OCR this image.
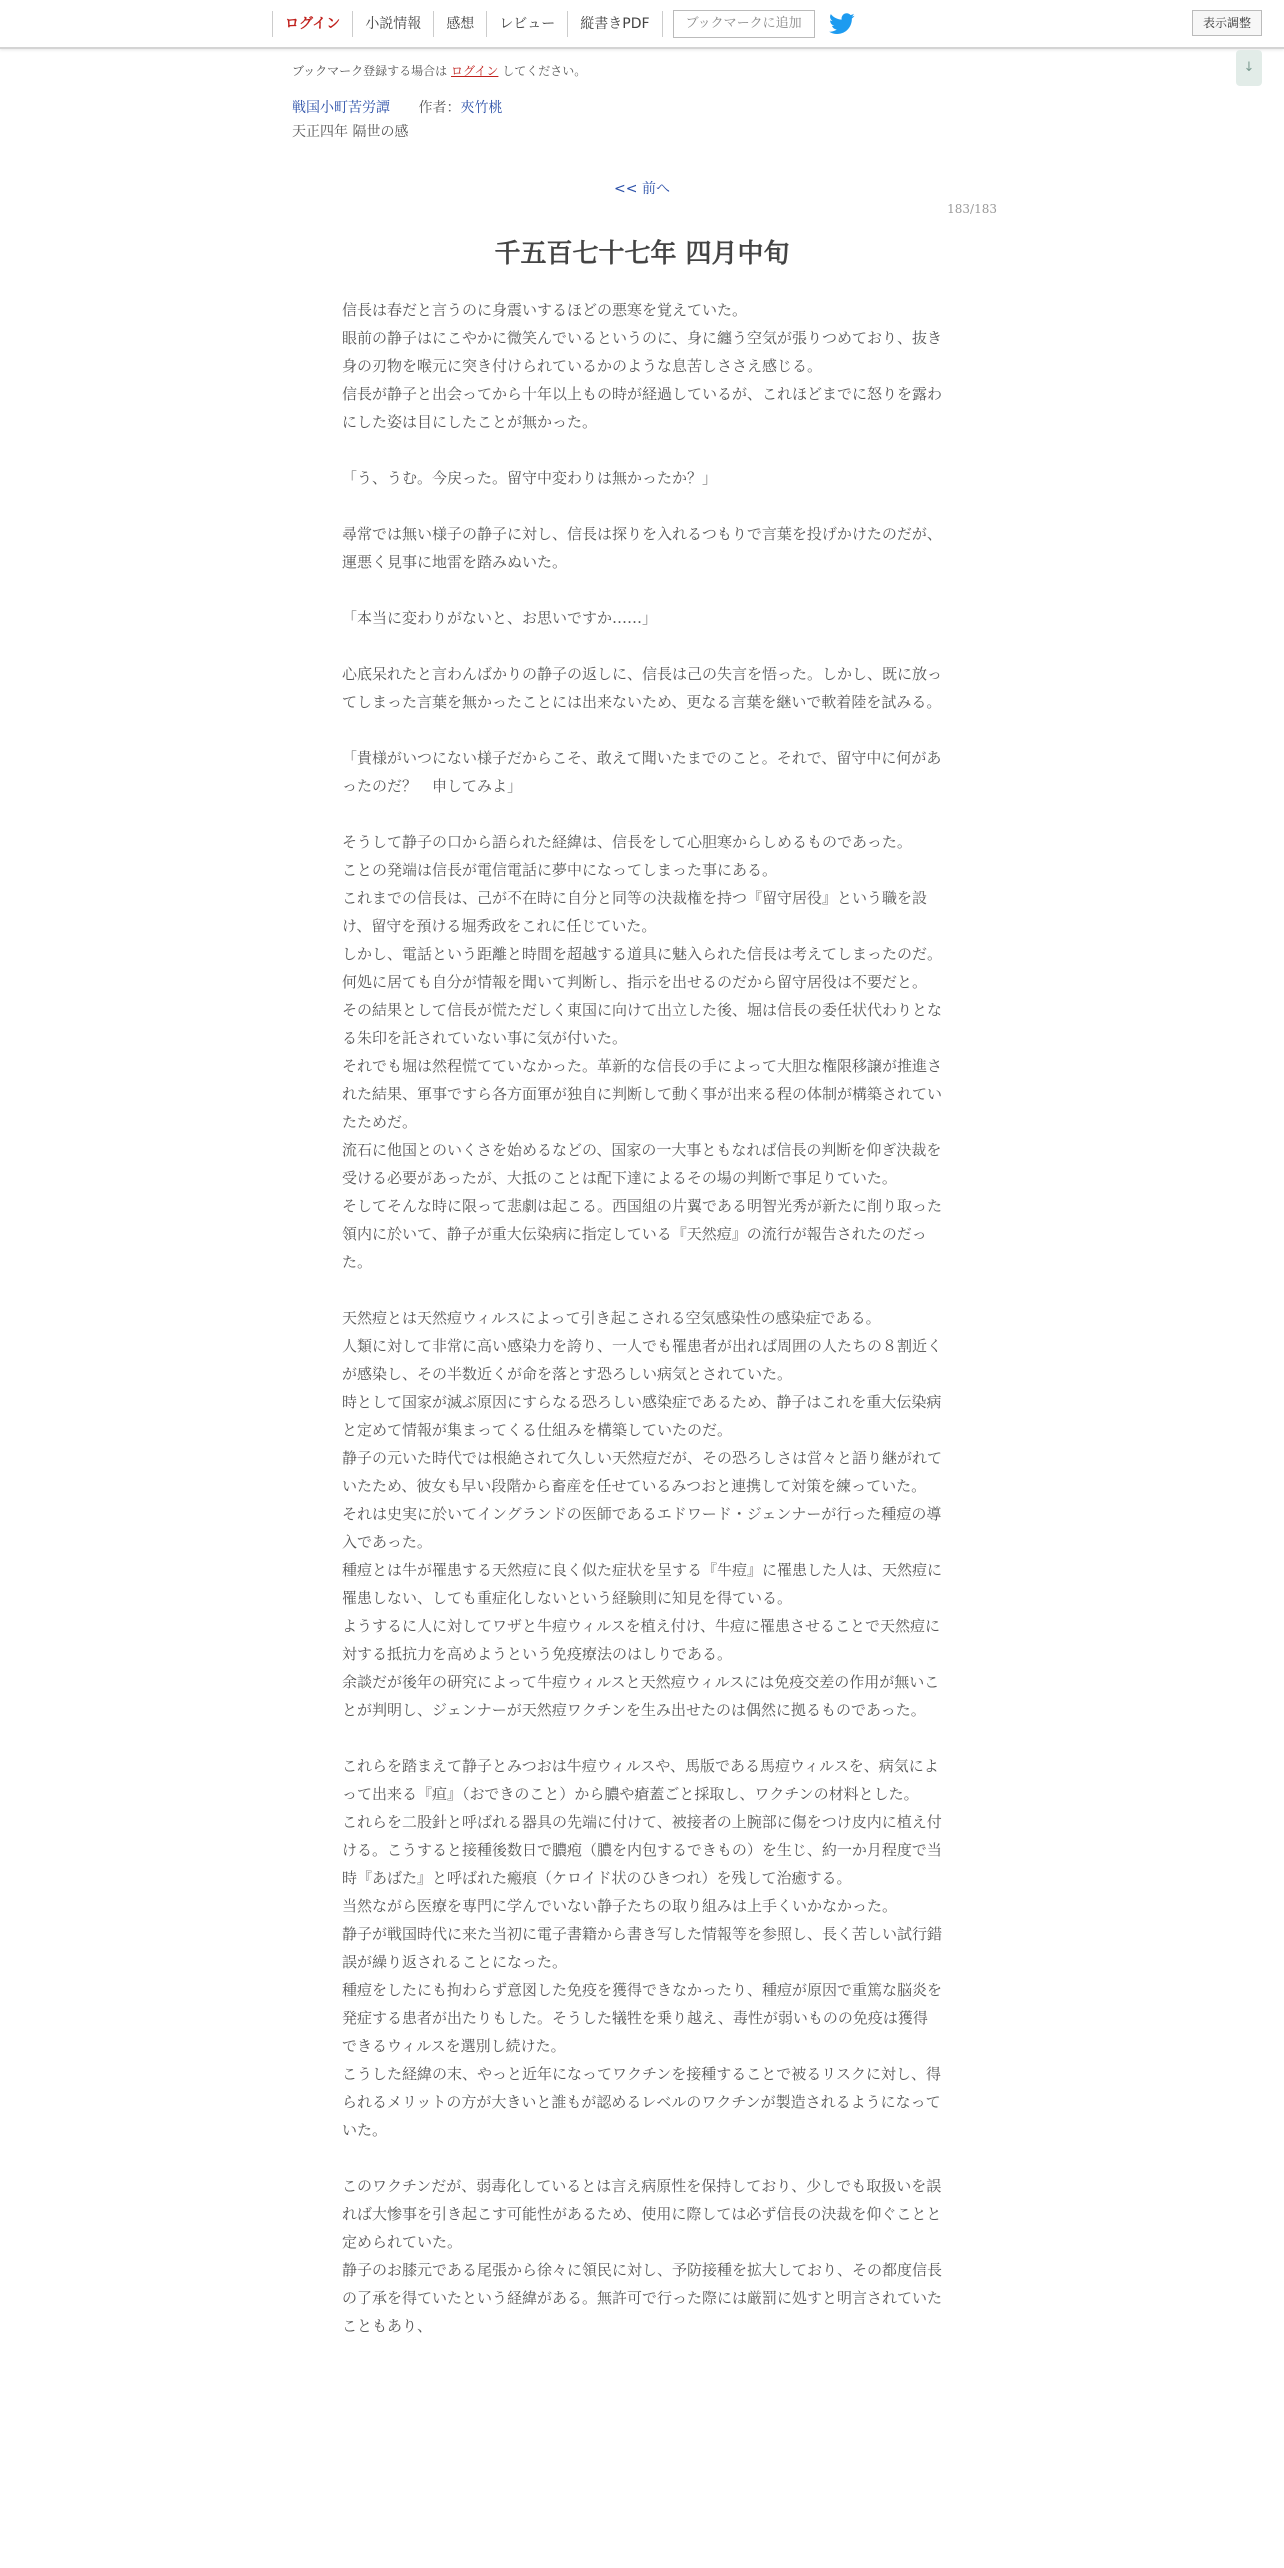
ログイン	小説情報	感想	レビュー	縦書きPDF	ブックマークに追加	表示調整
ブックマーク登録する場合は ログイン してください。	↓
戦国小町苦労譚 作者：夾竹桃
天正四年 隔世の感
<< 前へ
183/183
千五百七十七年 四月中旬

信長は春だと言うのに身震いするほどの悪寒を覚えていた。

眼前の静子はにこやかに微笑んでいるというのに、身に纏う空気が張りつめており、抜き身の刃物を喉元に突き付けられているかのような息苦しささえ感じる。

信長が静子と出会ってから十年以上もの時が経過しているが、これほどまでに怒りを露わにした姿は目にしたことが無かった。

「う、うむ。今戻った。留守中変わりは無かったか？」

尋常では無い様子の静子に対し、信長は探りを入れるつもりで言葉を投げかけたのだが、運悪く見事に地雷を踏みぬいた。

「本当に変わりがないと、お思いですか……」

心底呆れたと言わんばかりの静子の返しに、信長は己の失言を悟った。しかし、既に放ってしまった言葉を無かったことには出来ないため、更なる言葉を継いで軟着陸を試みる。

「貴様がいつにない様子だからこそ、敢えて聞いたまでのこと。それで、留守中に何があったのだ？　申してみよ」

そうして静子の口から語られた経緯は、信長をして心胆寒からしめるものであった。

ことの発端は信長が電信電話に夢中になってしまった事にある。

これまでの信長は、己が不在時に自分と同等の決裁権を持つ『留守居役』という職を設け、留守を預ける堀秀政をこれに任じていた。

しかし、電話という距離と時間を超越する道具に魅入られた信長は考えてしまったのだ。何処に居ても自分が情報を聞いて判断し、指示を出せるのだから留守居役は不要だと。

その結果として信長が慌ただしく東国に向けて出立した後、堀は信長の委任状代わりとなる朱印を託されていない事に気が付いた。

それでも堀は然程慌てていなかった。革新的な信長の手によって大胆な権限移譲が推進された結果、軍事ですら各方面軍が独自に判断して動く事が出来る程の体制が構築されていたためだ。

流石に他国とのいくさを始めるなどの、国家の一大事ともなれば信長の判断を仰ぎ決裁を受ける必要があったが、大抵のことは配下達によるその場の判断で事足りていた。

そしてそんな時に限って悲劇は起こる。西国組の片翼である明智光秀が新たに削り取った領内に於いて、静子が重大伝染病に指定している『天然痘』の流行が報告されたのだった。

天然痘とは天然痘ウィルスによって引き起こされる空気感染性の感染症である。

人類に対して非常に高い感染力を誇り、一人でも罹患者が出れば周囲の人たちの８割近くが感染し、その半数近くが命を落とす恐ろしい病気とされていた。

時として国家が滅ぶ原因にすらなる恐ろしい感染症であるため、静子はこれを重大伝染病と定めて情報が集まってくる仕組みを構築していたのだ。

静子の元いた時代では根絶されて久しい天然痘だが、その恐ろしさは営々と語り継がれていたため、彼女も早い段階から畜産を任せているみつおと連携して対策を練っていた。

それは史実に於いてイングランドの医師であるエドワード・ジェンナーが行った種痘の導入であった。

種痘とは牛が罹患する天然痘に良く似た症状を呈する『牛痘』に罹患した人は、天然痘に罹患しない、しても重症化しないという経験則に知見を得ている。

ようするに人に対してワザと牛痘ウィルスを植え付け、牛痘に罹患させることで天然痘に対する抵抗力を高めようという免疫療法のはしりである。

余談だが後年の研究によって牛痘ウィルスと天然痘ウィルスには免疫交差の作用が無いことが判明し、ジェンナーが天然痘ワクチンを生み出せたのは偶然に拠るものであった。

これらを踏まえて静子とみつおは牛痘ウィルスや、馬版である馬痘ウィルスを、病気によって出来る『疸』（おできのこと）から膿や瘡蓋ごと採取し、ワクチンの材料とした。

これらを二股針と呼ばれる器具の先端に付けて、被接者の上腕部に傷をつけ皮内に植え付ける。こうすると接種後数日で膿疱（膿を内包するできもの）を生じ、約一か月程度で当時『あばた』と呼ばれた瘢痕（ケロイド状のひきつれ）を残して治癒する。

当然ながら医療を専門に学んでいない静子たちの取り組みは上手くいかなかった。

静子が戦国時代に来た当初に電子書籍から書き写した情報等を参照し、長く苦しい試行錯誤が繰り返されることになった。

種痘をしたにも拘わらず意図した免疫を獲得できなかったり、種痘が原因で重篤な脳炎を発症する患者が出たりもした。そうした犠牲を乗り越え、毒性が弱いものの免疫は獲得できるウィルスを選別し続けた。

こうした経緯の末、やっと近年になってワクチンを接種することで被るリスクに対し、得られるメリットの方が大きいと誰もが認めるレベルのワクチンが製造されるようになっていた。

このワクチンだが、弱毒化しているとは言え病原性を保持しており、少しでも取扱いを誤れば大惨事を引き起こす可能性があるため、使用に際しては必ず信長の決裁を仰ぐことと定められていた。

静子のお膝元である尾張から徐々に領民に対し、予防接種を拡大しており、その都度信長の了承を得ていたという経緯がある。無許可で行った際には厳罰に処すと明言されていたこともあり、
